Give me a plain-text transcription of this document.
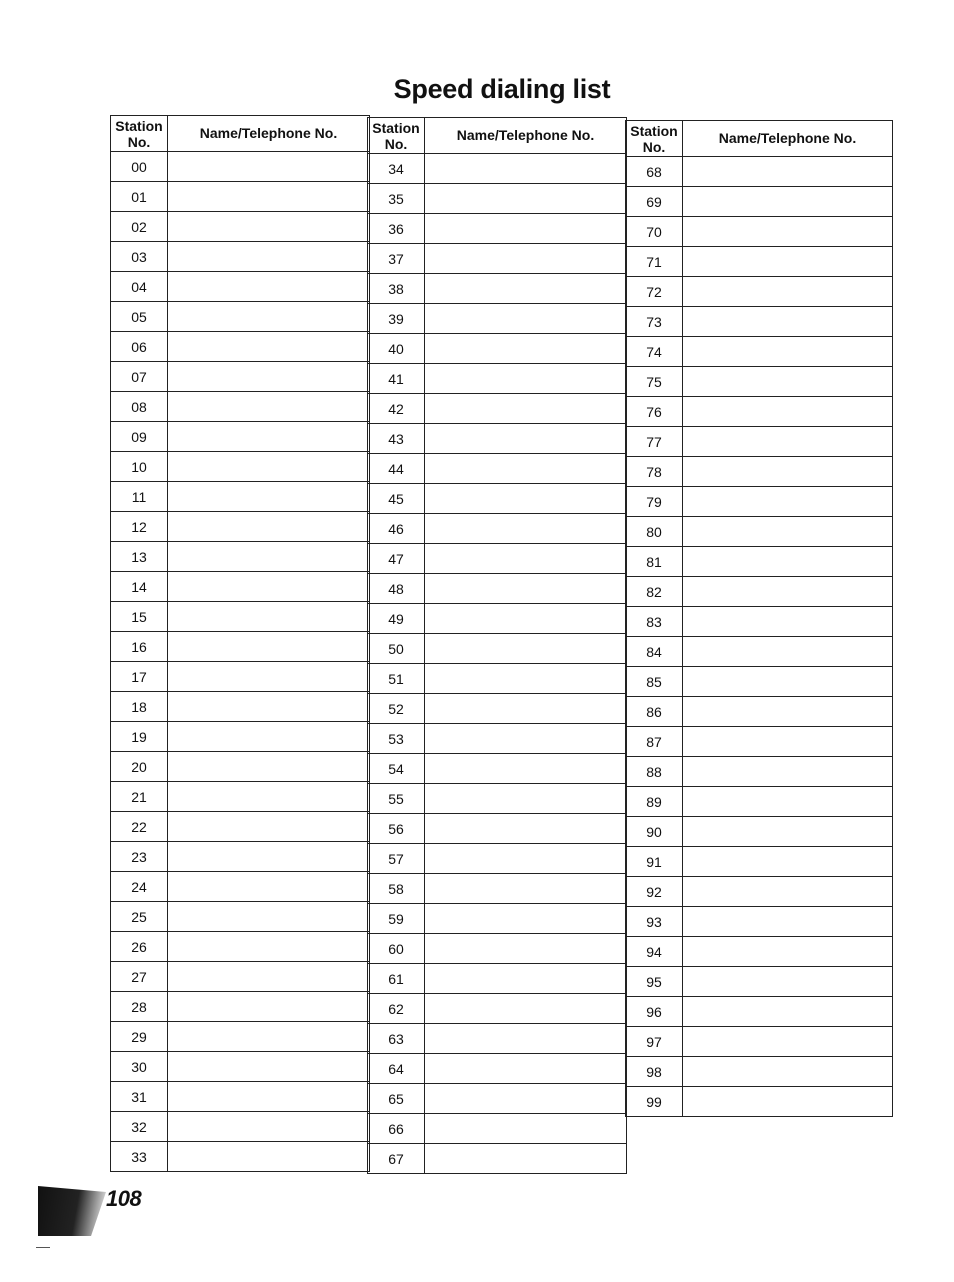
Speed dialing list
Station
No.	Name/Telephone No.
00	
01	
02	
03	
04	
05	
06	
07	
08	
09	
10	
11	
12	
13	
14	
15	
16	
17	
18	
19	
20	
21	
22	
23	
24	
25	
26	
27	
28	
29	
30	
31	
32	
33	
Station
No.	Name/Telephone No.
34	
35	
36	
37	
38	
39	
40	
41	
42	
43	
44	
45	
46	
47	
48	
49	
50	
51	
52	
53	
54	
55	
56	
57	
58	
59	
60	
61	
62	
63	
64	
65	
66	
67	
Station
No.	Name/Telephone No.
68	
69	
70	
71	
72	
73	
74	
75	
76	
77	
78	
79	
80	
81	
82	
83	
84	
85	
86	
87	
88	
89	
90	
91	
92	
93	
94	
95	
96	
97	
98	
99	
108
